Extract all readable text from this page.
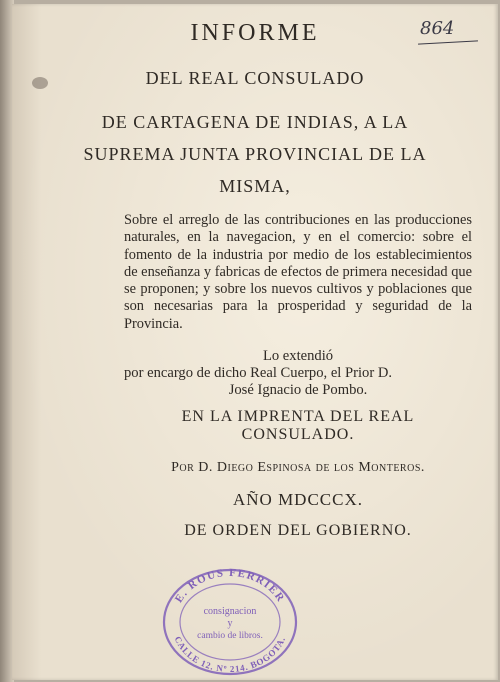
864
INFORME
DEL REAL CONSULADO
DE CARTAGENA DE INDIAS, A LA
SUPREMA JUNTA PROVINCIAL DE LA
MISMA,
Sobre el arreglo de las contribuciones en las producciones naturales, en la navegacion, y en el comercio: sobre el fomento de la industria por medio de los establecimientos de enseñanza y fabricas de efectos de primera necesidad que se proponen; y sobre los nuevos cultivos y poblaciones que son necesarias para la prosperidad y seguridad de la Provincia.
Lo extendió
por encargo de dicho Real Cuerpo, el Prior D.
José Ignacio de Pombo.
EN LA IMPRENTA DEL REAL
CONSULADO.
Por D. Diego Espinosa de los Monteros.
AÑO MDCCCX.
DE ORDEN DEL GOBIERNO.
E. ROUS FERRIER
CALLE 12. Nº 214. BOGOTA.
consignacion
y
cambio de libros.
